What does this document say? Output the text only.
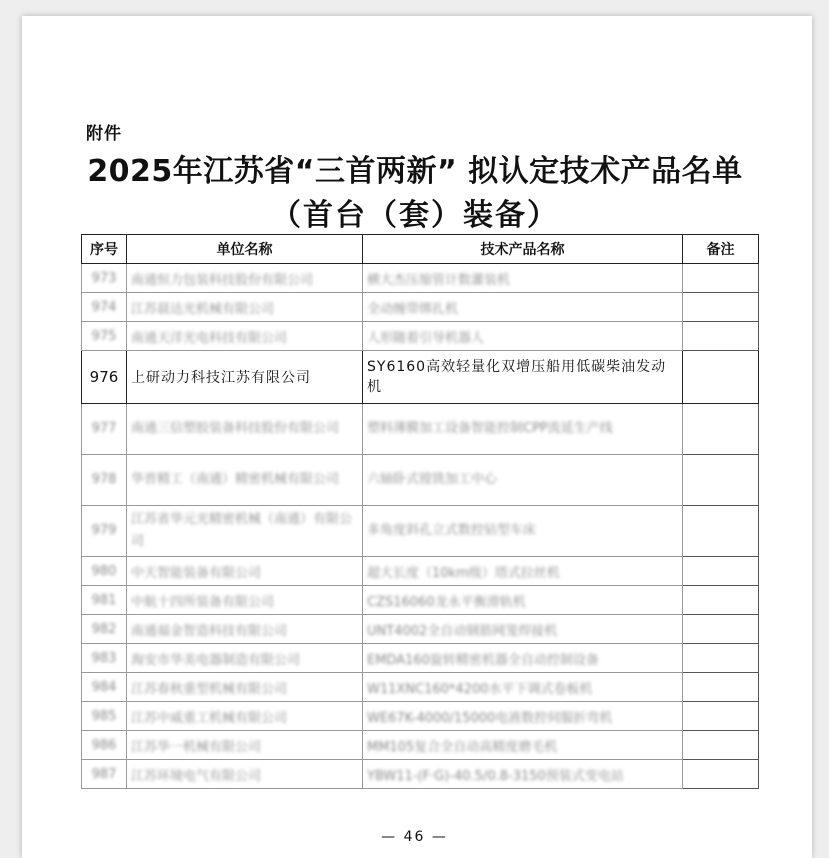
附件
2025年江苏省“三首两新” 拟认定技术产品名单
（首台（套）装备）
序号	单位名称	技术产品名称	备注
973	南通恒力包装科技股份有限公司	横大杰压缩管计数灌装机	
974	江苏晨达光机械有限公司	全动缠带绑扎机	
975	南通天洋光电科技有限公司	人形随着引导机器人	
976	上研动力科技江苏有限公司	SY6160高效轻量化双增压船用低碳柴油发动机	
977	南通三信塑胶装备科技股份有限公司	塑料薄膜加工设备智能控制CPP流延生产线	
978	华晋精工（南通）精密机械有限公司	六轴卧式镗铣加工中心	
979	江苏省华元光精密机械（南通）有限公司	多角度斜孔立式数控钻型车床	
980	中天智能装备有限公司	超大长度（10km级）塔式拉丝机	
981	中航十四所装备有限公司	CZS16060龙永平衡滑轨机	
982	南通福金智造科技有限公司	UNT4002全自动钢筋网笼焊接机	
983	海安市华美电器制造有限公司	EMDA160旋转精密机器全自动控制设备	
984	江苏春秋重型机械有限公司	W11XNC160*4200水平下调式卷板机	
985	江苏中威重工机械有限公司	WE67K-4000/15000电液数控伺服折弯机	
986	江苏华一机械有限公司	MM105复合全自动高精度磨毛机	
987	江苏环境电气有限公司	YBW11-(F·G)-40.5/0.8-3150预装式变电站	
— 46 —
